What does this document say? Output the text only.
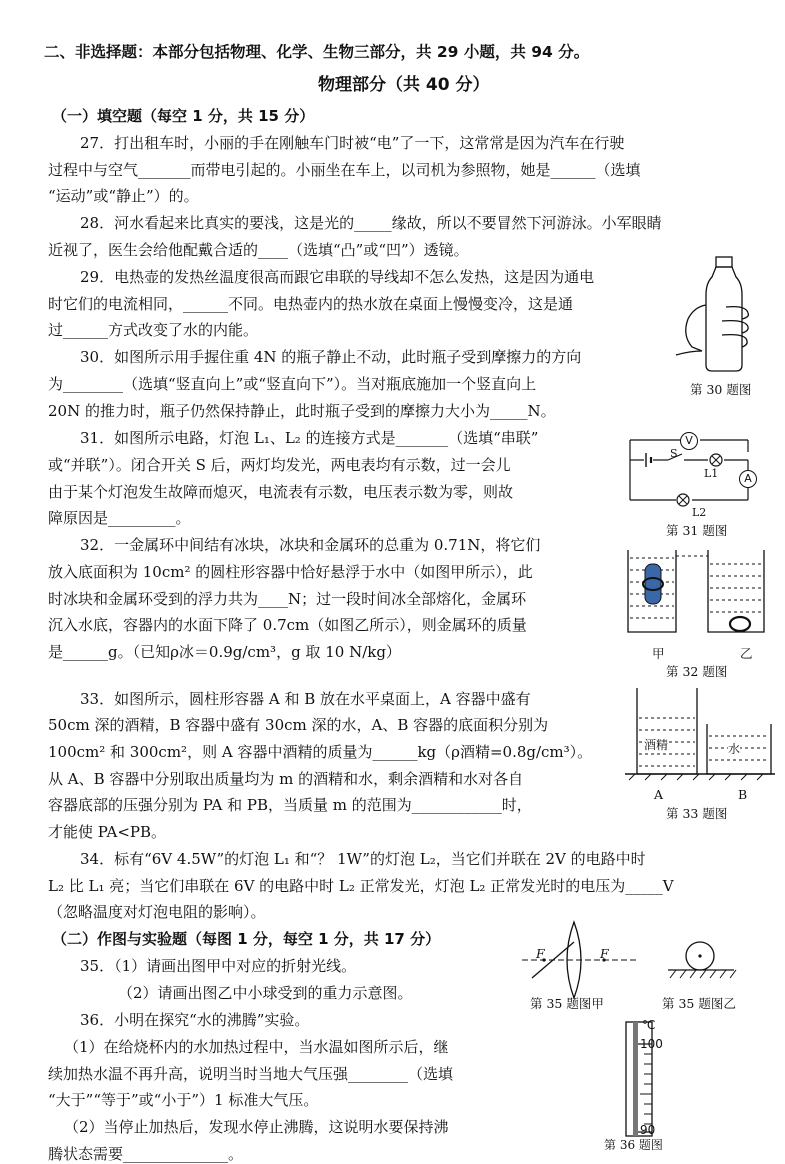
二、非选择题：本部分包括物理、化学、生物三部分，共 29 小题，共 94 分。
物理部分（共 40 分）
（一）填空题（每空 1 分，共 15 分）
27．打出租车时，小丽的手在刚触车门时被“电”了一下，这常常是因为汽车在行驶
过程中与空气_______而带电引起的。小丽坐在车上，以司机为参照物，她是______（选填
“运动”或“静止”）的。
28．河水看起来比真实的要浅，这是光的_____缘故，所以不要冒然下河游泳。小军眼睛
近视了，医生会给他配戴合适的____（选填“凸”或“凹”）透镜。
29．电热壶的发热丝温度很高而跟它串联的导线却不怎么发热，这是因为通电
时它们的电流相同，______不同。电热壶内的热水放在桌面上慢慢变冷，这是通
过______方式改变了水的内能。
30．如图所示用手握住重 4N 的瓶子静止不动，此时瓶子受到摩擦力的方向
为________（选填“竖直向上”或“竖直向下”）。当对瓶底施加一个竖直向上
20N 的推力时，瓶子仍然保持静止，此时瓶子受到的摩擦力大小为_____N。
31．如图所示电路，灯泡 L₁、L₂ 的连接方式是_______（选填“串联”
或“并联”）。闭合开关 S 后，两灯均发光，两电表均有示数，过一会儿
由于某个灯泡发生故障而熄灭，电流表有示数，电压表示数为零，则故
障原因是_________。
32．一金属环中间结有冰块，冰块和金属环的总重为 0.71N，将它们
放入底面积为 10cm² 的圆柱形容器中恰好悬浮于水中（如图甲所示），此
时冰块和金属环受到的浮力共为____N；过一段时间冰全部熔化，金属环
沉入水底，容器内的水面下降了 0.7cm（如图乙所示），则金属环的质量
是______g。（已知ρ冰＝0.9g/cm³，g 取 10 N/kg）
33．如图所示，圆柱形容器 A 和 B 放在水平桌面上，A 容器中盛有
50cm 深的酒精，B 容器中盛有 30cm 深的水，A、B 容器的底面积分别为
100cm² 和 300cm²，则 A 容器中酒精的质量为______kg（ρ酒精=0.8g/cm³）。
从 A、B 容器中分别取出质量均为 m 的酒精和水，剩余酒精和水对各自
容器底部的压强分别为 PA 和 PB，当质量 m 的范围为____________时，
才能使 PA<PB。
34．标有“6V 4.5W”的灯泡 L₁ 和“？ 1W”的灯泡 L₂，当它们并联在 2V 的电路中时
L₂ 比 L₁ 亮；当它们串联在 6V 的电路中时 L₂ 正常发光，灯泡 L₂ 正常发光时的电压为_____V
（忽略温度对灯泡电阻的影响）。
（二）作图与实验题（每图 1 分，每空 1 分，共 17 分）
35．（1）请画出图甲中对应的折射光线。
（2）请画出图乙中小球受到的重力示意图。
36．小明在探究“水的沸腾”实验。
（1）在给烧杯内的水加热过程中，当水温如图所示后，继
续加热水温不再升高，说明当时当地大气压强________（选填
“大于”“等于”或“小于”）1 标准大气压。
（2）当停止加热后，发现水停止沸腾，这说明水要保持沸
腾状态需要______________。
第 30 题图
V
A
S
L1
L2
第 31 题图
甲	乙
第 32 题图
酒精	水
A	B
第 33 题图
F	F
第 35 题图甲	第 35 题图乙
℃
100
90
第 36 题图
